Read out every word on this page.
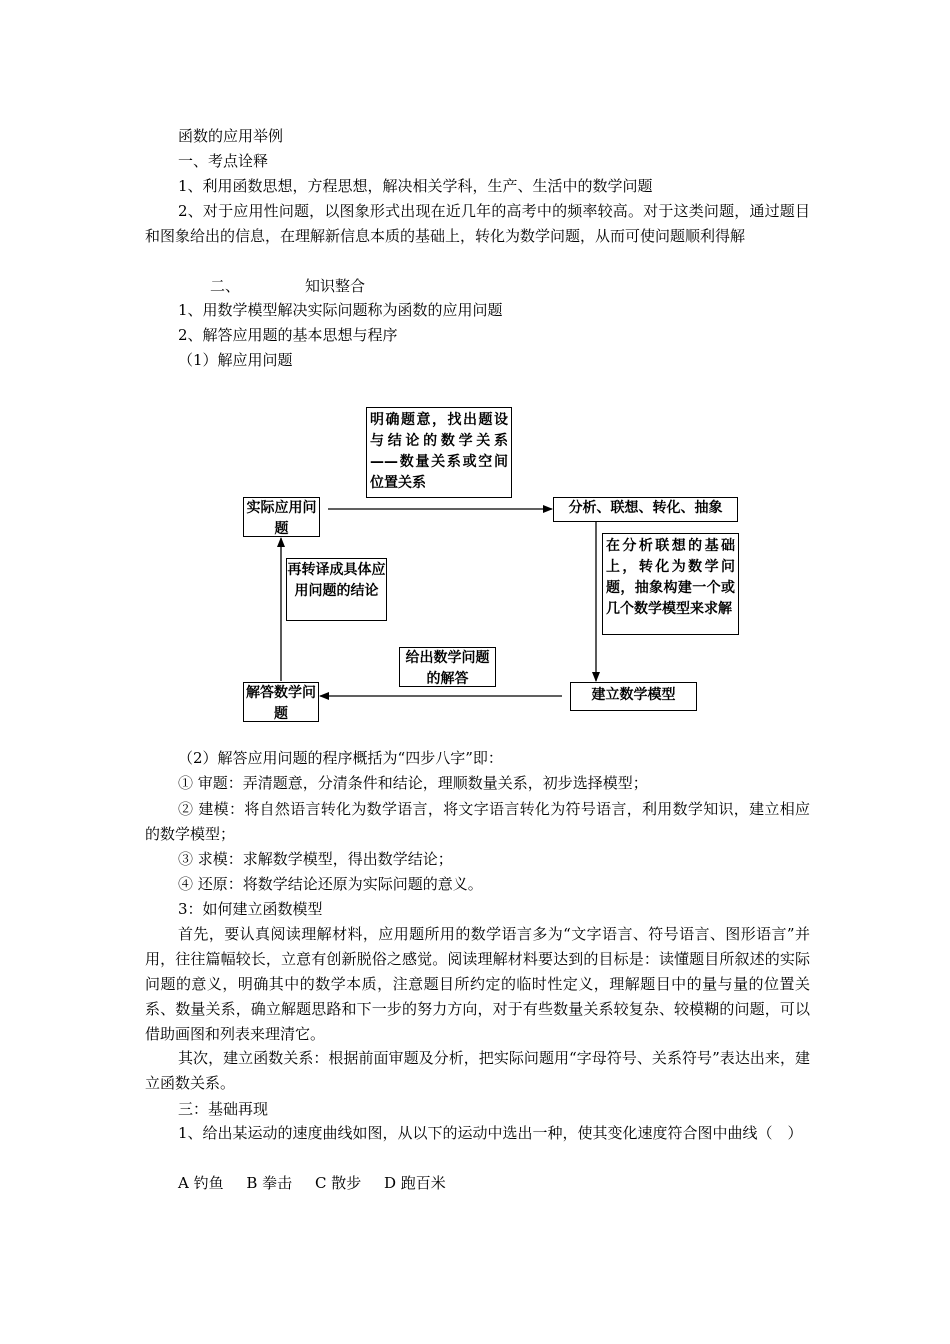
函数的应用举例
一、考点诠释
1、利用函数思想，方程思想，解决相关学科，生产、生活中的数学问题
2、对于应用性问题，以图象形式出现在近几年的高考中的频率较高。对于这类问题，通过题目和图象给出的信息，在理解新信息本质的基础上，转化为数学问题，从而可使问题顺利得解
二、	知识整合
1、用数学模型解决实际问题称为函数的应用问题
2、解答应用题的基本思想与程序
（1）解应用问题
明确题意，找出题设与结论的数学关系——数量关系或空间位置关系
实际应用问题
分析、联想、转化、抽象
在分析联想的基础上，转化为数学问题，抽象构建一个或几个数学模型来求解
再转译成具体应用问题的结论
给出数学问题的解答
建立数学模型
解答数学问题
（2）解答应用问题的程序概括为“四步八字”即：
① 审题：弄清题意，分清条件和结论，理顺数量关系，初步选择模型；
② 建模：将自然语言转化为数学语言，将文字语言转化为符号语言，利用数学知识，建立相应的数学模型；
③ 求模：求解数学模型，得出数学结论；
④ 还原：将数学结论还原为实际问题的意义。
3：如何建立函数模型
首先，要认真阅读理解材料，应用题所用的数学语言多为“文字语言、符号语言、图形语言”并用，往往篇幅较长，立意有创新脱俗之感觉。阅读理解材料要达到的目标是：读懂题目所叙述的实际问题的意义，明确其中的数学本质，注意题目所约定的临时性定义，理解题目中的量与量的位置关系、数量关系，确立解题思路和下一步的努力方向，对于有些数量关系较复杂、较模糊的问题，可以借助画图和列表来理清它。
其次，建立函数关系：根据前面审题及分析，把实际问题用“字母符号、关系符号”表达出来，建立函数关系。
三：基础再现
1、给出某运动的速度曲线如图，从以下的运动中选出一种，使其变化速度符合图中曲线（　）
A 钓鱼 B 拳击 C 散步 D 跑百米
